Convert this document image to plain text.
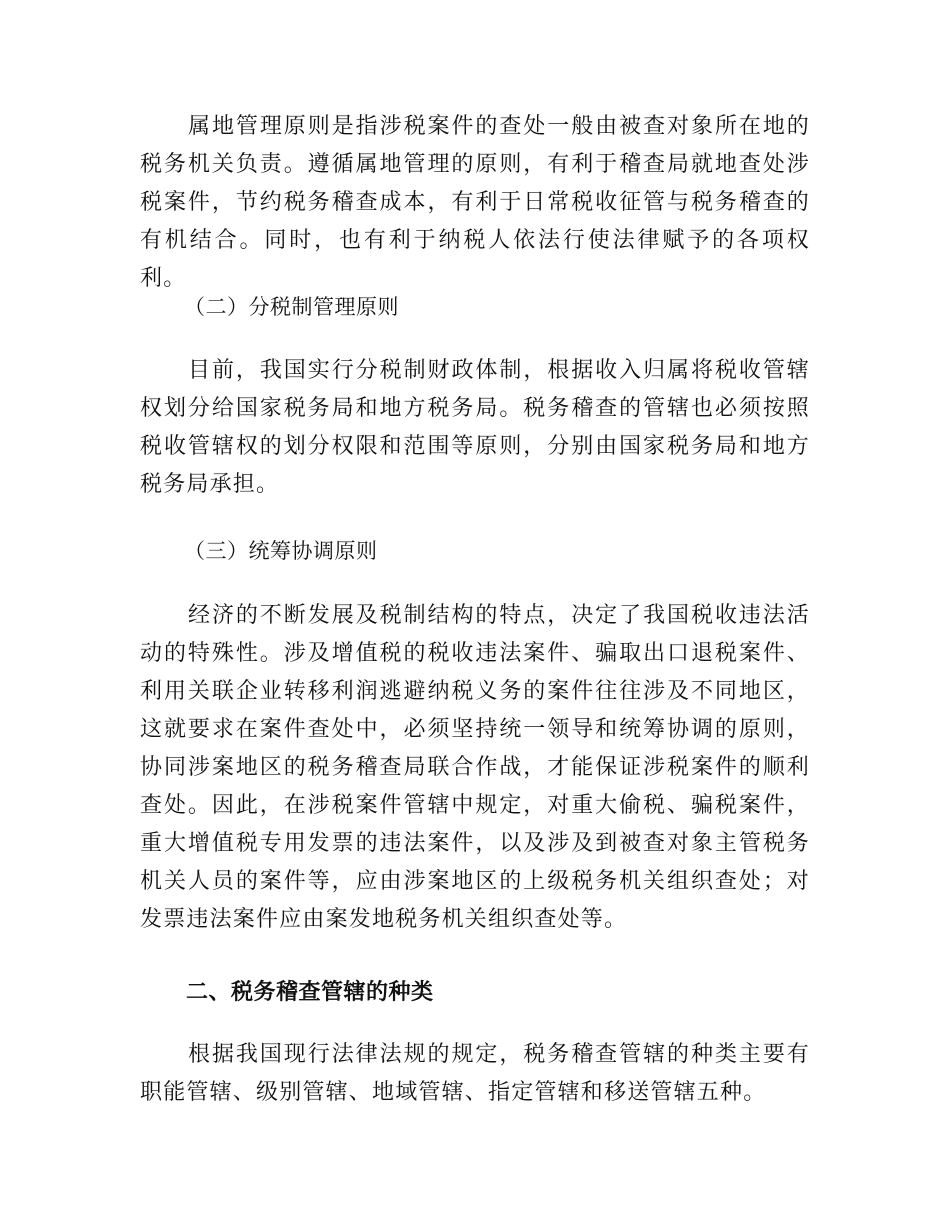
属地管理原则是指涉税案件的查处一般由被查对象所在地的税务机关负责。遵循属地管理的原则，有利于稽查局就地查处涉税案件，节约税务稽查成本，有利于日常税收征管与税务稽查的有机结合。同时，也有利于纳税人依法行使法律赋予的各项权利。

（二）分税制管理原则

目前，我国实行分税制财政体制，根据收入归属将税收管辖权划分给国家税务局和地方税务局。税务稽查的管辖也必须按照税收管辖权的划分权限和范围等原则，分别由国家税务局和地方税务局承担。

（三）统筹协调原则

经济的不断发展及税制结构的特点，决定了我国税收违法活动的特殊性。涉及增值税的税收违法案件、骗取出口退税案件、利用关联企业转移利润逃避纳税义务的案件往往涉及不同地区，这就要求在案件查处中，必须坚持统一领导和统筹协调的原则，协同涉案地区的税务稽查局联合作战，才能保证涉税案件的顺利查处。因此，在涉税案件管辖中规定，对重大偷税、骗税案件，重大增值税专用发票的违法案件，以及涉及到被查对象主管税务机关人员的案件等，应由涉案地区的上级税务机关组织查处；对发票违法案件应由案发地税务机关组织查处等。

二、税务稽查管辖的种类

根据我国现行法律法规的规定，税务稽查管辖的种类主要有职能管辖、级别管辖、地域管辖、指定管辖和移送管辖五种。
